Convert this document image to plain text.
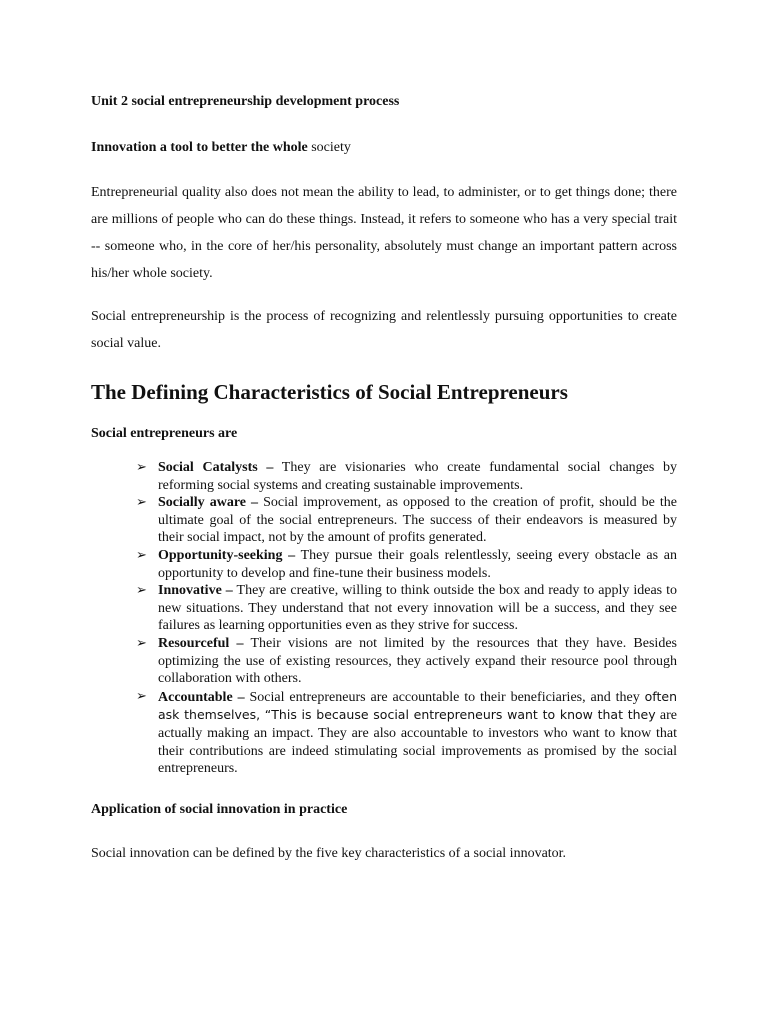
Unit 2 social entrepreneurship development process

Innovation a tool to better the whole society

Entrepreneurial quality also does not mean the ability to lead, to administer, or to get things done; there are millions of people who can do these things. Instead, it refers to someone who has a very special trait -- someone who, in the core of her/his personality, absolutely must change an important pattern across his/her whole society.

Social entrepreneurship is the process of recognizing and relentlessly pursuing opportunities to create social value.

The Defining Characteristics of Social Entrepreneurs

Social entrepreneurs are

➢ Social Catalysts – They are visionaries who create fundamental social changes by reforming social systems and creating sustainable improvements.
➢ Socially aware – Social improvement, as opposed to the creation of profit, should be the ultimate goal of the social entrepreneurs. The success of their endeavors is measured by their social impact, not by the amount of profits generated.
➢ Opportunity-seeking – They pursue their goals relentlessly, seeing every obstacle as an opportunity to develop and fine-tune their business models.
➢ Innovative – They are creative, willing to think outside the box and ready to apply ideas to new situations. They understand that not every innovation will be a success, and they see failures as learning opportunities even as they strive for success.
➢ Resourceful – Their visions are not limited by the resources that they have. Besides optimizing the use of existing resources, they actively expand their resource pool through collaboration with others.
➢ Accountable – Social entrepreneurs are accountable to their beneficiaries, and they often ask themselves, “This is because social entrepreneurs want to know that they are actually making an impact. They are also accountable to investors who want to know that their contributions are indeed stimulating social improvements as promised by the social entrepreneurs.

Application of social innovation in practice

Social innovation can be defined by the five key characteristics of a social innovator.
